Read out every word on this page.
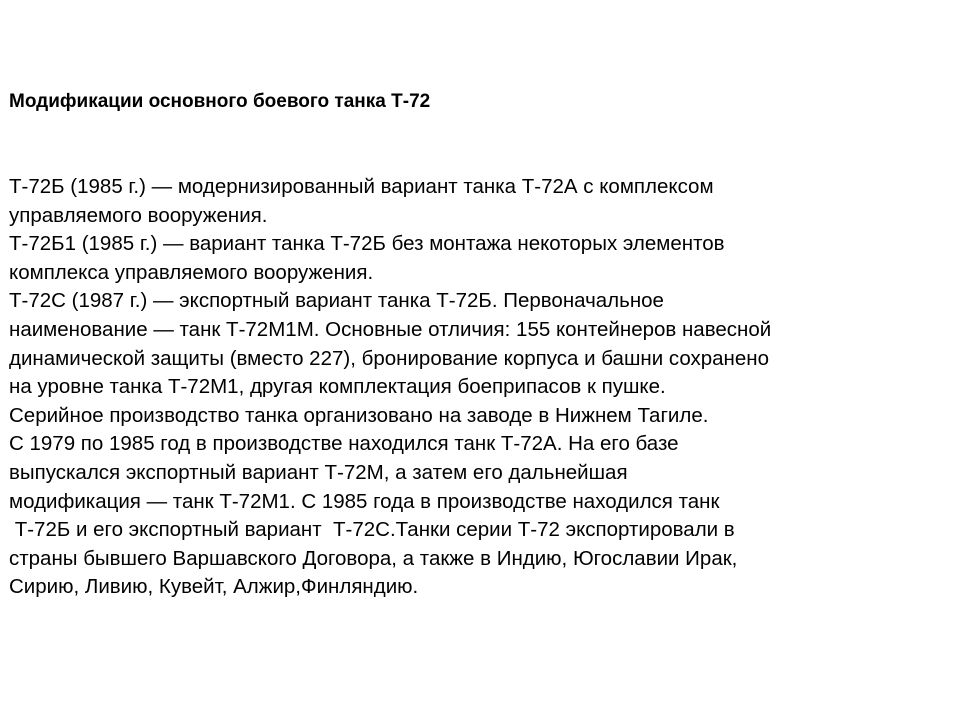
Модификации основного боевого танка Т-72
Т-72Б (1985 г.) — модернизированный вариант танка Т-72А с комплексом
управляемого вооружения.
Т-72Б1 (1985 г.) — вариант танка Т-72Б без монтажа некоторых элементов
комплекса управляемого вооружения.
Т-72С (1987 г.) — экспортный вариант танка Т-72Б. Первоначальное
наименование — танк Т-72М1М. Основные отличия: 155 контейнеров навесной
динамической защиты (вместо 227), бронирование корпуса и башни сохранено
на уровне танка Т-72М1, другая комплектация боеприпасов к пушке.
Серийное производство танка организовано на заводе в Нижнем Тагиле.
С 1979 по 1985 год в производстве находился танк Т-72А. На его базе
выпускался экспортный вариант Т-72М, а затем его дальнейшая
модификация — танк Т-72М1. С 1985 года в производстве находился танк
Т-72Б и его экспортный вариант  Т-72С.Танки серии Т-72 экспортировали в
страны бывшего Варшавского Договора, а также в Индию, Югославии Ирак,
Сирию, Ливию, Кувейт, Алжир,Финляндию.
